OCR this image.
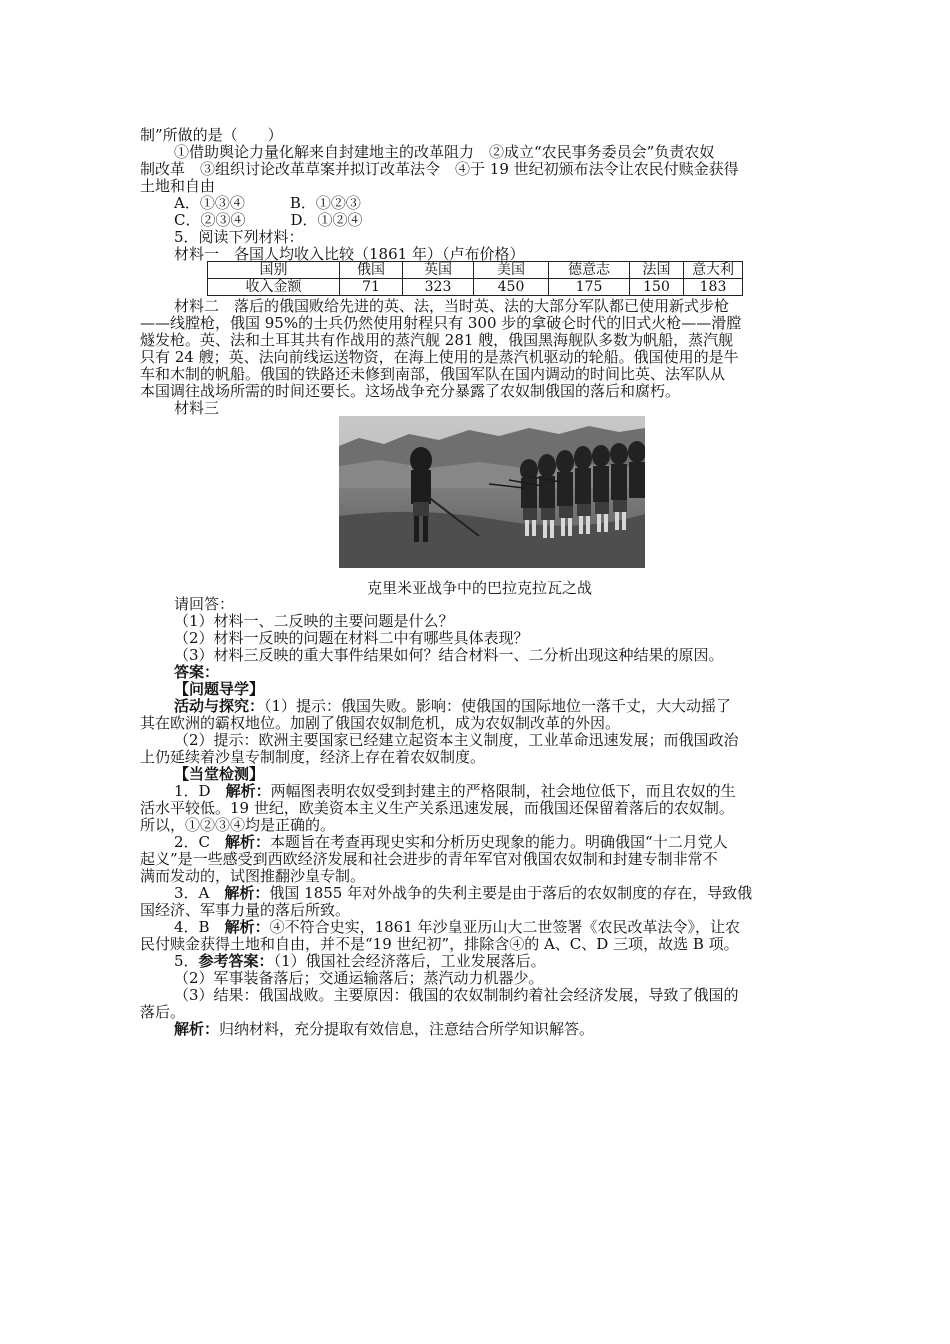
制”所做的是（　　）
①借助舆论力量化解来自封建地主的改革阻力　②成立“农民事务委员会”负责农奴
制改革　③组织讨论改革草案并拟订改革法令　④于 19 世纪初颁布法令让农民付赎金获得
土地和自由
A．①③④　　　B．①②③
C．②③④　　　D．①②④
5．阅读下列材料：
材料一　各国人均收入比较（1861 年）（卢布价格）
国别	俄国	英国	美国	德意志	法国	意大利
收入金额	71	323	450	175	150	183
材料二　落后的俄国败给先进的英、法，当时英、法的大部分军队都已使用新式步枪
——线膛枪，俄国 95%的士兵仍然使用射程只有 300 步的拿破仑时代的旧式火枪——滑膛
燧发枪。英、法和土耳其共有作战用的蒸汽舰 281 艘，俄国黑海舰队多数为帆船，蒸汽舰
只有 24 艘；英、法向前线运送物资，在海上使用的是蒸汽机驱动的轮船。俄国使用的是牛
车和木制的帆船。俄国的铁路还未修到南部，俄国军队在国内调动的时间比英、法军队从
本国调往战场所需的时间还要长。这场战争充分暴露了农奴制俄国的落后和腐朽。
材料三
克里米亚战争中的巴拉克拉瓦之战
请回答：
（1）材料一、二反映的主要问题是什么？
（2）材料一反映的问题在材料二中有哪些具体表现？
（3）材料三反映的重大事件结果如何？结合材料一、二分析出现这种结果的原因。
答案：
【问题导学】
活动与探究：（1）提示：俄国失败。影响：使俄国的国际地位一落千丈，大大动摇了
其在欧洲的霸权地位。加剧了俄国农奴制危机，成为农奴制改革的外因。
（2）提示：欧洲主要国家已经建立起资本主义制度，工业革命迅速发展；而俄国政治
上仍延续着沙皇专制制度，经济上存在着农奴制度。
【当堂检测】
1．D　解析：两幅图表明农奴受到封建主的严格限制，社会地位低下，而且农奴的生
活水平较低。19 世纪，欧美资本主义生产关系迅速发展，而俄国还保留着落后的农奴制。
所以，①②③④均是正确的。
2．C　解析：本题旨在考查再现史实和分析历史现象的能力。明确俄国“十二月党人
起义”是一些感受到西欧经济发展和社会进步的青年军官对俄国农奴制和封建专制非常不
满而发动的，试图推翻沙皇专制。
3．A　解析：俄国 1855 年对外战争的失利主要是由于落后的农奴制度的存在，导致俄
国经济、军事力量的落后所致。
4．B　解析：④不符合史实，1861 年沙皇亚历山大二世签署《农民改革法令》，让农
民付赎金获得土地和自由，并不是“19 世纪初”，排除含④的 A、C、D 三项，故选 B 项。
5．参考答案：（1）俄国社会经济落后，工业发展落后。
（2）军事装备落后；交通运输落后；蒸汽动力机器少。
（3）结果：俄国战败。主要原因：俄国的农奴制制约着社会经济发展，导致了俄国的
落后。
解析：归纳材料，充分提取有效信息，注意结合所学知识解答。
